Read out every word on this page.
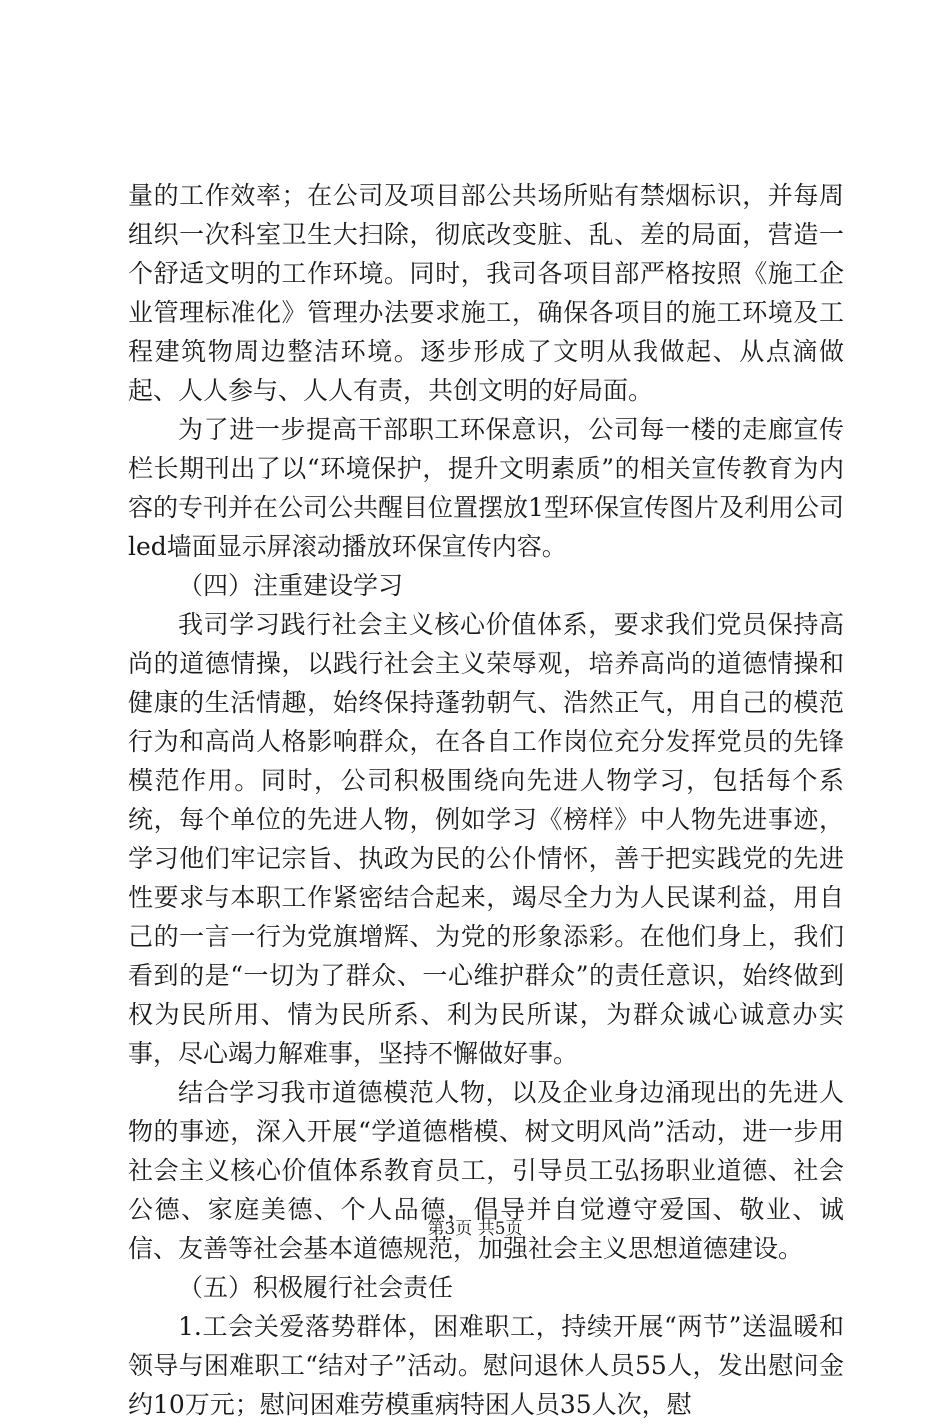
量的工作效率；在公司及项目部公共场所贴有禁烟标识，并每周组织一次科室卫生大扫除，彻底改变脏、乱、差的局面，营造一个舒适文明的工作环境。同时，我司各项目部严格按照《施工企业管理标准化》管理办法要求施工，确保各项目的施工环境及工程建筑物周边整洁环境。逐步形成了文明从我做起、从点滴做起、人人参与、人人有责，共创文明的好局面。

为了进一步提高干部职工环保意识，公司每一楼的走廊宣传栏长期刊出了以“环境保护，提升文明素质”的相关宣传教育为内容的专刊并在公司公共醒目位置摆放1型环保宣传图片及利用公司led墙面显示屏滚动播放环保宣传内容。

（四）注重建设学习

我司学习践行社会主义核心价值体系，要求我们党员保持高尚的道德情操，以践行社会主义荣辱观，培养高尚的道德情操和健康的生活情趣，始终保持蓬勃朝气、浩然正气，用自己的模范行为和高尚人格影响群众，在各自工作岗位充分发挥党员的先锋模范作用。同时，公司积极围绕向先进人物学习，包括每个系统，每个单位的先进人物，例如学习《榜样》中人物先进事迹，学习他们牢记宗旨、执政为民的公仆情怀，善于把实践党的先进性要求与本职工作紧密结合起来，竭尽全力为人民谋利益，用自己的一言一行为党旗增辉、为党的形象添彩。在他们身上，我们看到的是“一切为了群众、一心维护群众”的责任意识，始终做到权为民所用、情为民所系、利为民所谋，为群众诚心诚意办实事，尽心竭力解难事，坚持不懈做好事。

结合学习我市道德模范人物，以及企业身边涌现出的先进人物的事迹，深入开展“学道德楷模、树文明风尚”活动，进一步用社会主义核心价值体系教育员工，引导员工弘扬职业道德、社会公德、家庭美德、个人品德，倡导并自觉遵守爱国、敬业、诚信、友善等社会基本道德规范，加强社会主义思想道德建设。

（五）积极履行社会责任

1.工会关爱落势群体，困难职工，持续开展“两节”送温暖和领导与困难职工“结对子”活动。慰问退休人员55人，发出慰问金约10万元；慰问困难劳模重病特困人员35人次，慰

第3页 共5页
